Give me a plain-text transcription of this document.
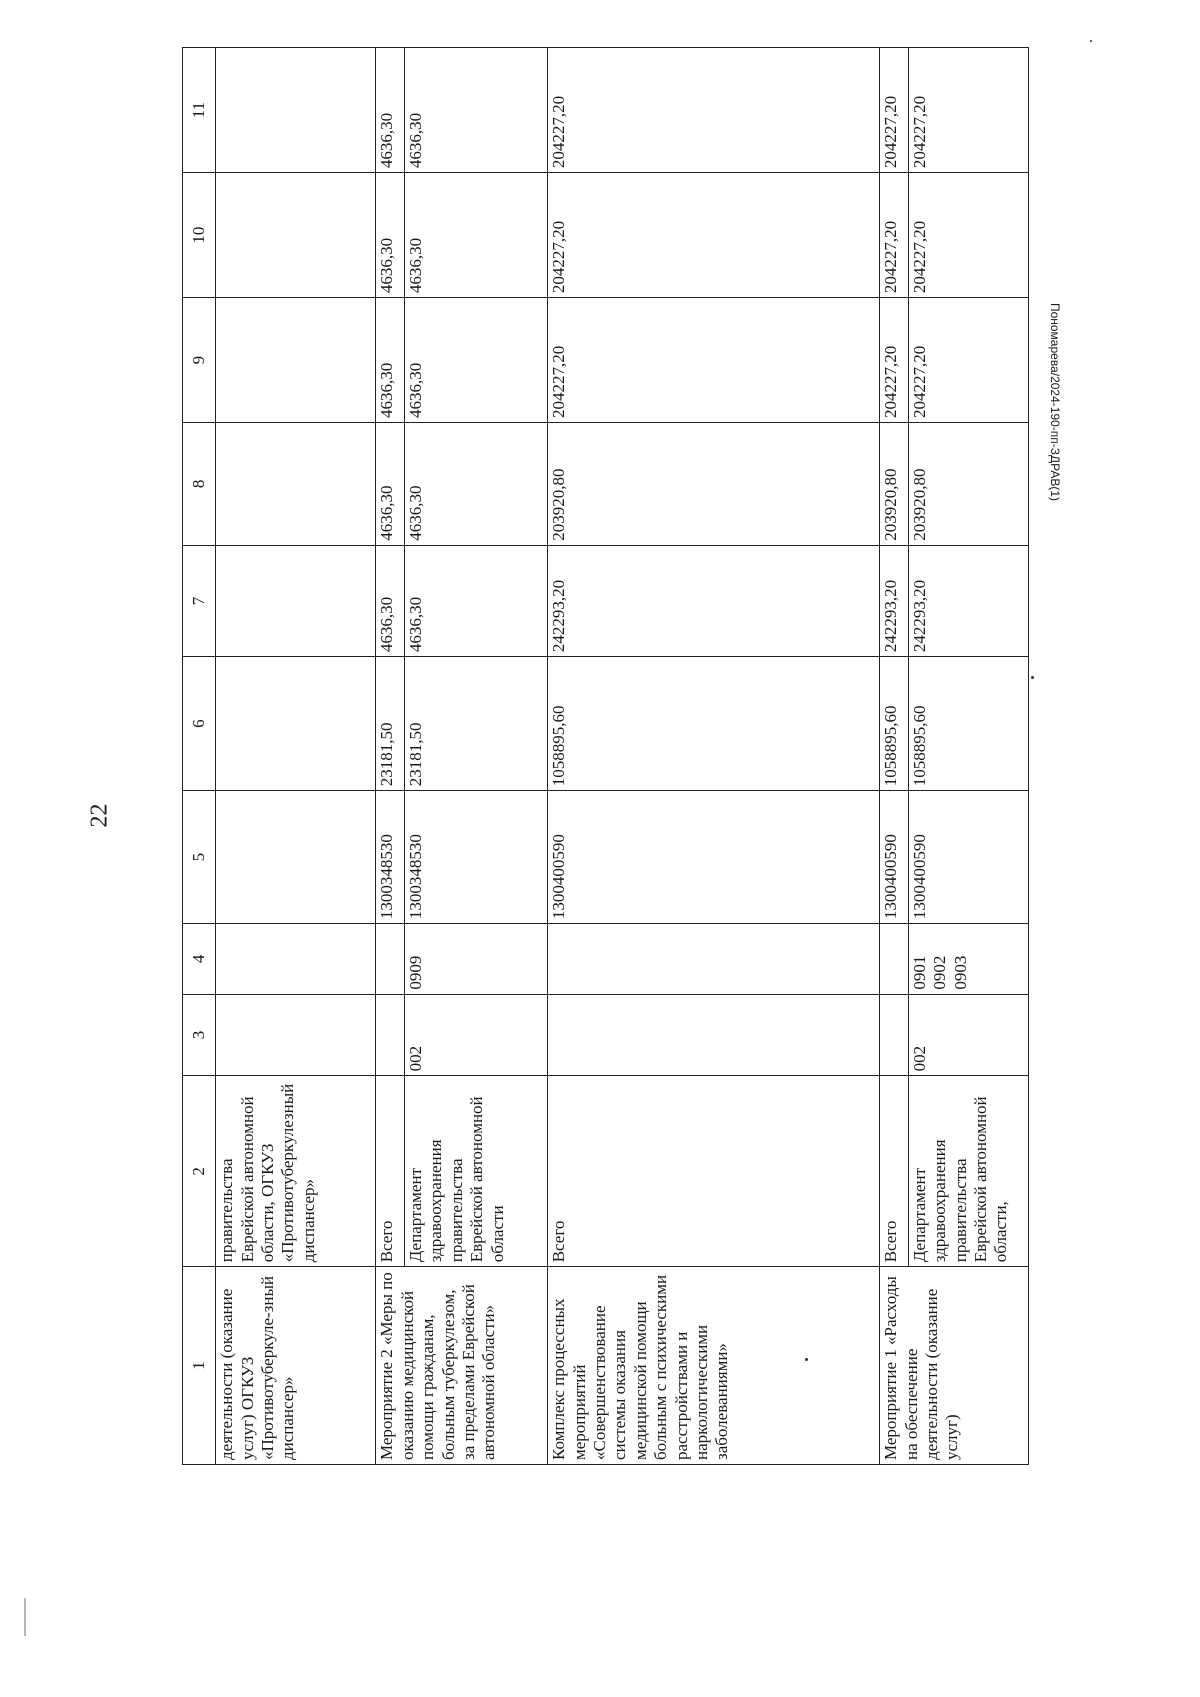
22
1	2	3	4	5	6	7	8	9	10	11
деятельности (оказание услуг) ОГКУЗ «Противотуберкуле-зный диспансер»	правительства Еврейской автономной области, ОГКУЗ «Противотуберкулезный диспансер»									
Мероприятие 2 «Меры по оказанию медицинской помощи гражданам, больным туберкулезом, за пределами Еврейской автономной области»	Всего			1300348530	23181,50	4636,30	4636,30	4636,30	4636,30	4636,30
	Департамент здравоохранения правительства Еврейской автономной области	002	0909	1300348530	23181,50	4636,30	4636,30	4636,30	4636,30	4636,30
Комплекс процессных мероприятий «Совершенствование системы оказания медицинской помощи больным с психическими расстройствами и наркологическими заболеваниями»	Всего			1300400590	1058895,60	242293,20	203920,80	204227,20	204227,20	204227,20
Мероприятие 1 «Расходы на обеспечение деятельности (оказание услуг)	Всего			1300400590	1058895,60	242293,20	203920,80	204227,20	204227,20	204227,20
	Департамент здравоохранения правительства Еврейской автономной области,	002	0901 0902 0903	1300400590	1058895,60	242293,20	203920,80	204227,20	204227,20	204227,20
Пономарева/2024-190-пп-ЗДРАВ(1)
